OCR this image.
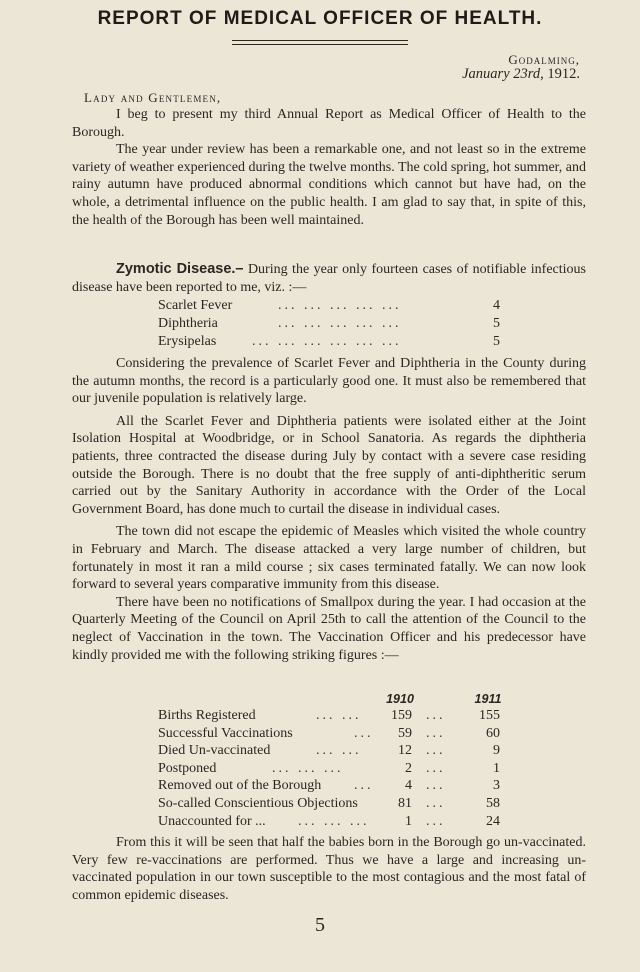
REPORT OF MEDICAL OFFICER OF HEALTH.
Godalming,
January 23rd, 1912.
Lady and Gentlemen,

I beg to present my third Annual Report as Medical Officer of Health to the Borough.

The year under review has been a remarkable one, and not least so in the extreme variety of weather experienced during the twelve months. The cold spring, hot summer, and rainy autumn have produced abnormal conditions which cannot but have had, on the whole, a detrimental influence on the public health. I am glad to say that, in spite of this, the health of the Borough has been well maintained.

Zymotic Disease.– During the year only fourteen cases of notifiable infectious disease have been reported to me, viz. :—

Scarlet Fever	... ... ... ... ...	4
Diphtheria	... ... ... ... ...	5
Erysipelas	... ... ... ... ... ...	5

Considering the prevalence of Scarlet Fever and Diphtheria in the County during the autumn months, the record is a particularly good one. It must also be remembered that our juvenile population is relatively large.

All the Scarlet Fever and Diphtheria patients were isolated either at the Joint Isolation Hospital at Woodbridge, or in School Sanatoria. As regards the diphtheria patients, three contracted the disease during July by contact with a severe case residing outside the Borough. There is no doubt that the free supply of anti-diphtheritic serum carried out by the Sanitary Authority in accordance with the Order of the Local Government Board, has done much to curtail the disease in individual cases.

The town did not escape the epidemic of Measles which visited the whole country in February and March. The disease attacked a very large number of children, but fortunately in most it ran a mild course ; six cases terminated fatally. We can now look forward to several years comparative immunity from this disease.

There have been no notifications of Smallpox during the year. I had occasion at the Quarterly Meeting of the Council on April 25th to call the attention of the Council to the neglect of Vaccination in the town. The Vaccination Officer and his predecessor have kindly provided me with the following striking figures :—

1910	1911
Births Registered	... ... 159 ...	155
Successful Vaccinations	...	59 ...	60
Died Un-vaccinated	... ...	12 ...	9
Postponed	... ... ...	2 ...	1
Removed out of the Borough ...	4 ...	3
So-called Conscientious Objections	81 ...	58
Unaccounted for ... ... ... ...	1 ...	24

From this it will be seen that half the babies born in the Borough go un-vaccinated. Very few re-vaccinations are performed. Thus we have a large and increasing un-vaccinated population in our town susceptible to the most contagious and the most fatal of common epidemic diseases.

5
